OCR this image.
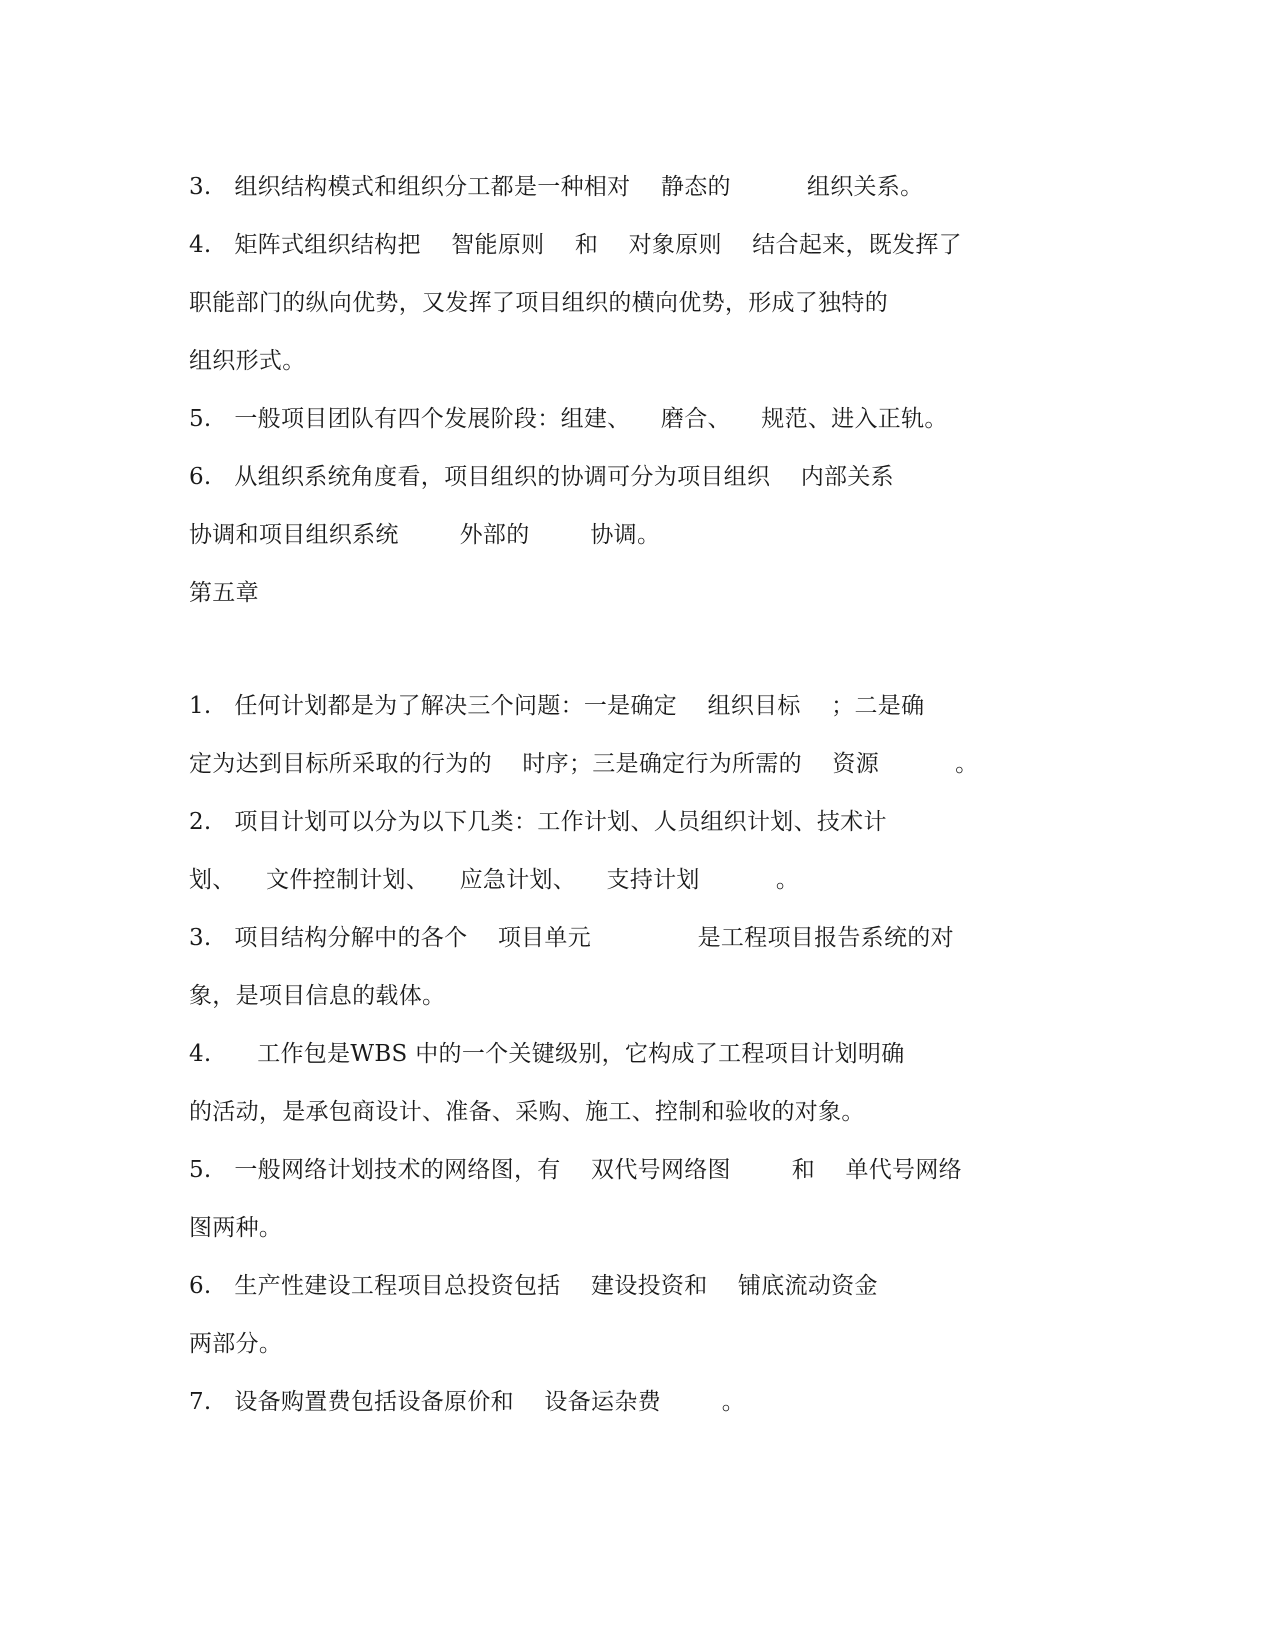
3.   组织结构模式和组织分工都是一种相对    静态的          组织关系。
4.   矩阵式组织结构把    智能原则    和    对象原则    结合起来，既发挥了
职能部门的纵向优势，又发挥了项目组织的横向优势，形成了独特的
组织形式。
5.   一般项目团队有四个发展阶段：组建、    磨合、    规范、进入正轨。
6.   从组织系统角度看，项目组织的协调可分为项目组织    内部关系
协调和项目组织系统        外部的        协调。
第五章
1.   任何计划都是为了解决三个问题：一是确定    组织目标    ；二是确
定为达到目标所采取的行为的    时序；三是确定行为所需的    资源          。
2.   项目计划可以分为以下几类：工作计划、人员组织计划、技术计
划、    文件控制计划、    应急计划、    支持计划          。
3.   项目结构分解中的各个    项目单元              是工程项目报告系统的对
象，是项目信息的载体。
4.      工作包是WBS 中的一个关键级别，它构成了工程项目计划明确
的活动，是承包商设计、准备、采购、施工、控制和验收的对象。
5.   一般网络计划技术的网络图，有    双代号网络图        和    单代号网络
图两种。
6.   生产性建设工程项目总投资包括    建设投资和    铺底流动资金
两部分。
7.   设备购置费包括设备原价和    设备运杂费        。
